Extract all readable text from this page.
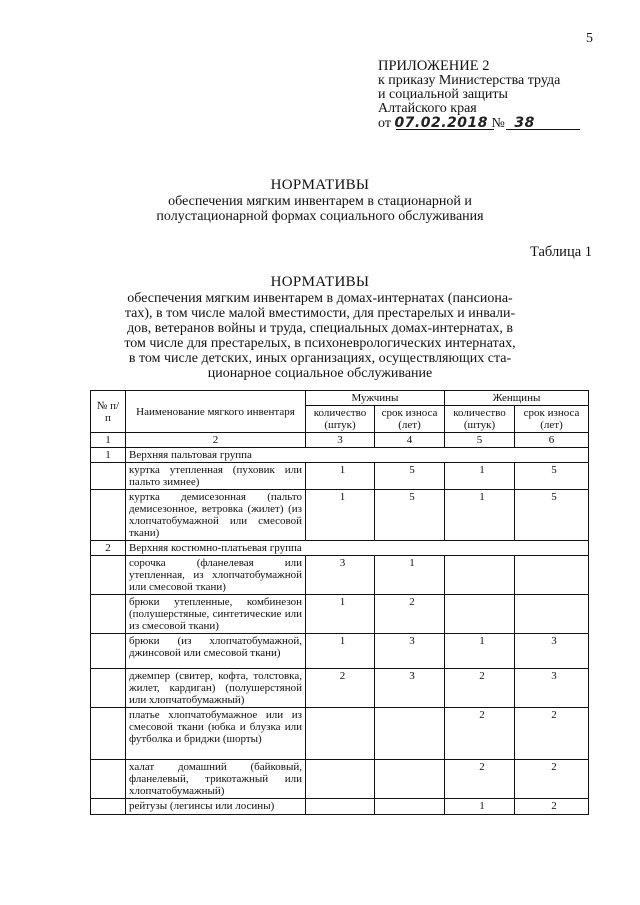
5
ПРИЛОЖЕНИЕ 2
к приказу Министерства труда
и социальной защиты
Алтайского края
от 07.02.2018 № 38
НОРМАТИВЫ
обеспечения мягким инвентарем в стационарной и
полустационарной формах социального обслуживания
Таблица 1
НОРМАТИВЫ
обеспечения мягким инвентарем в домах-интернатах (пансиона-
тах), в том числе малой вместимости, для престарелых и инвали-
дов, ветеранов войны и труда, специальных домах-интернатах, в
том числе для престарелых, в психоневрологических интернатах,
в том числе детских, иных организациях, осуществляющих ста-
ционарное социальное обслуживание
№ п/п	Наименование мягкого инвентаря	Мужчины		Женщины	
		количество (штук)	срок износа (лет)	количество (штук)	срок износа (лет)
1	2	3	4	5	6
1	Верхняя пальтовая группа				
	куртка утепленная (пуховик или пальто зимнее)	1	5	1	5
	куртка демисезонная (пальто демисезонное, ветровка (жилет) (из хлопчатобумажной или смесовой ткани)	1	5	1	5
2	Верхняя костюмно-платьевая группа				
	сорочка (фланелевая или утепленная, из хлопчатобумажной или смесовой ткани)	3	1		
	брюки утепленные, комбинезон (полушерстяные, синтетические или из смесовой ткани)	1	2		
	брюки (из хлопчатобумажной, джинсовой или смесовой ткани)	1	3	1	3
	джемпер (свитер, кофта, толстовка, жилет, кардиган) (полушерстяной или хлопчатобумажный)	2	3	2	3
	платье хлопчатобумажное или из смесовой ткани (юбка и блузка или футболка и бриджи (шорты)			2	2
	халат домашний (байковый, фланелевый, трикотажный или хлопчатобумажный)			2	2
	рейтузы (легинсы или лосины)			1	2
